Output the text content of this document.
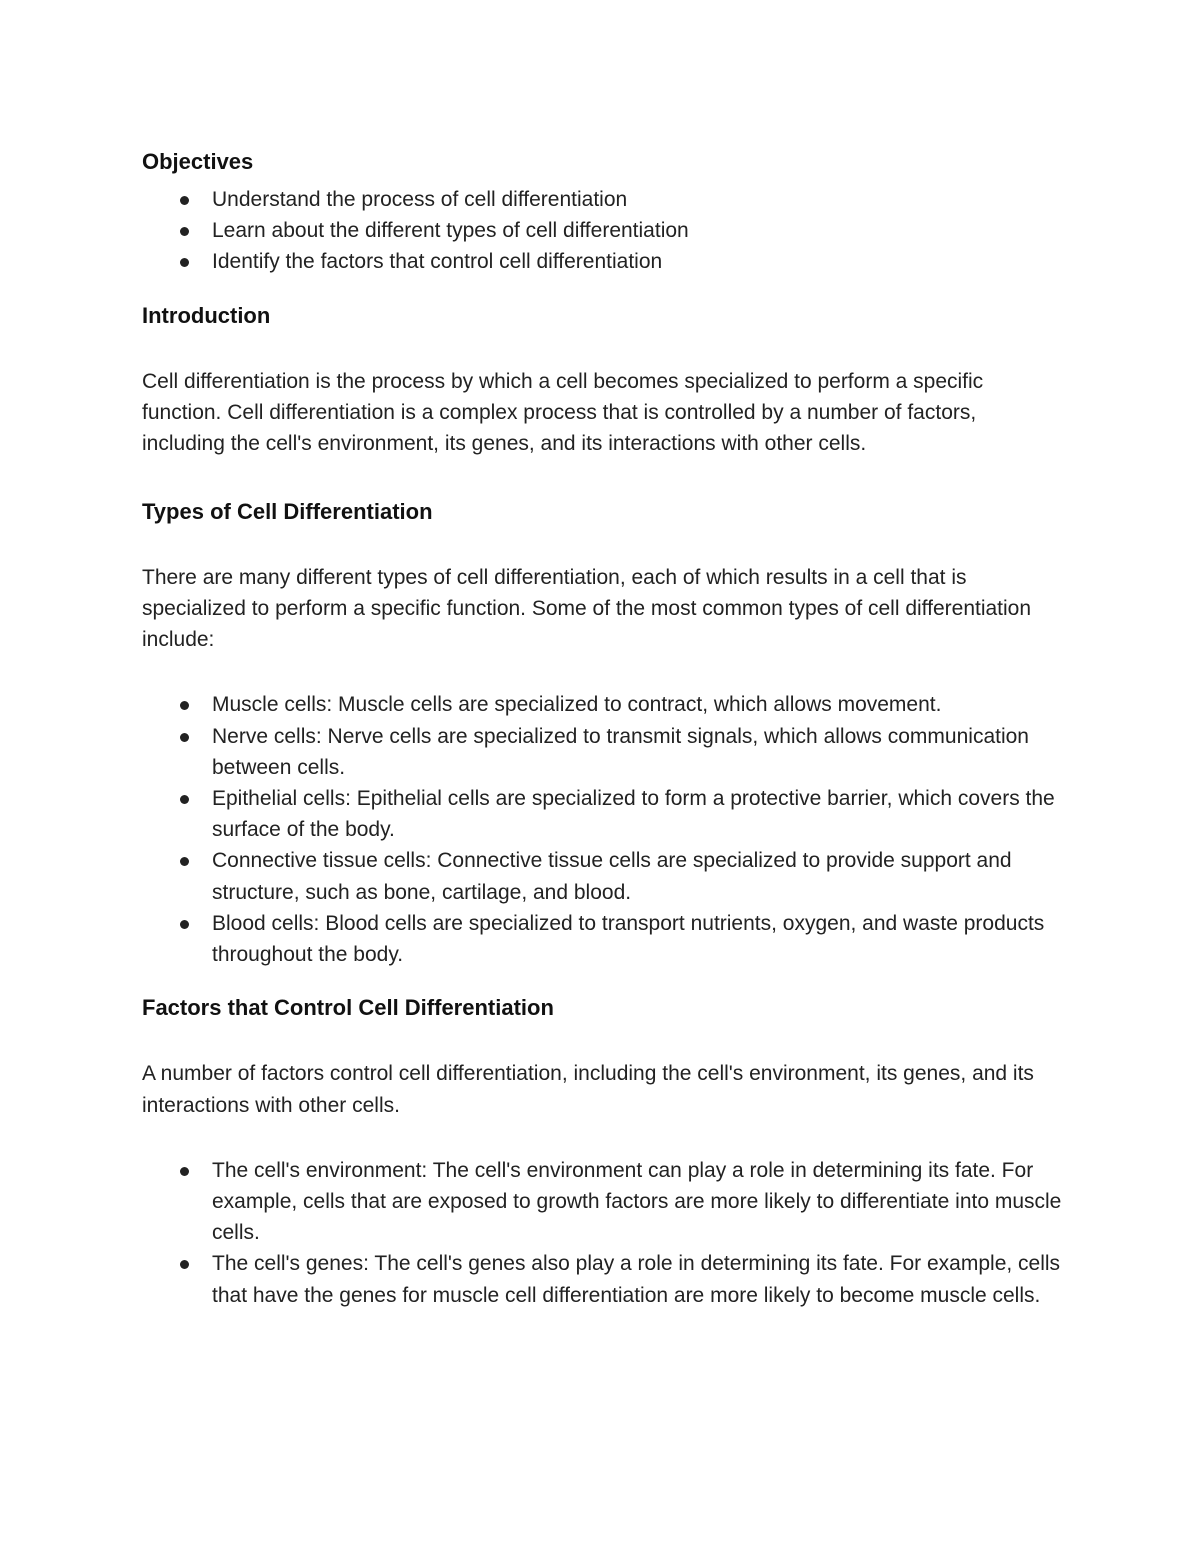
Objectives
Understand the process of cell differentiation
Learn about the different types of cell differentiation
Identify the factors that control cell differentiation
Introduction

Cell differentiation is the process by which a cell becomes specialized to perform a specific function. Cell differentiation is a complex process that is controlled by a number of factors, including the cell's environment, its genes, and its interactions with other cells.

Types of Cell Differentiation

There are many different types of cell differentiation, each of which results in a cell that is specialized to perform a specific function. Some of the most common types of cell differentiation include:

Muscle cells: Muscle cells are specialized to contract, which allows movement.
Nerve cells: Nerve cells are specialized to transmit signals, which allows communication between cells.
Epithelial cells: Epithelial cells are specialized to form a protective barrier, which covers the surface of the body.
Connective tissue cells: Connective tissue cells are specialized to provide support and structure, such as bone, cartilage, and blood.
Blood cells: Blood cells are specialized to transport nutrients, oxygen, and waste products throughout the body.
Factors that Control Cell Differentiation

A number of factors control cell differentiation, including the cell's environment, its genes, and its interactions with other cells.

The cell's environment: The cell's environment can play a role in determining its fate. For example, cells that are exposed to growth factors are more likely to differentiate into muscle cells.
The cell's genes: The cell's genes also play a role in determining its fate. For example, cells that have the genes for muscle cell differentiation are more likely to become muscle cells.
